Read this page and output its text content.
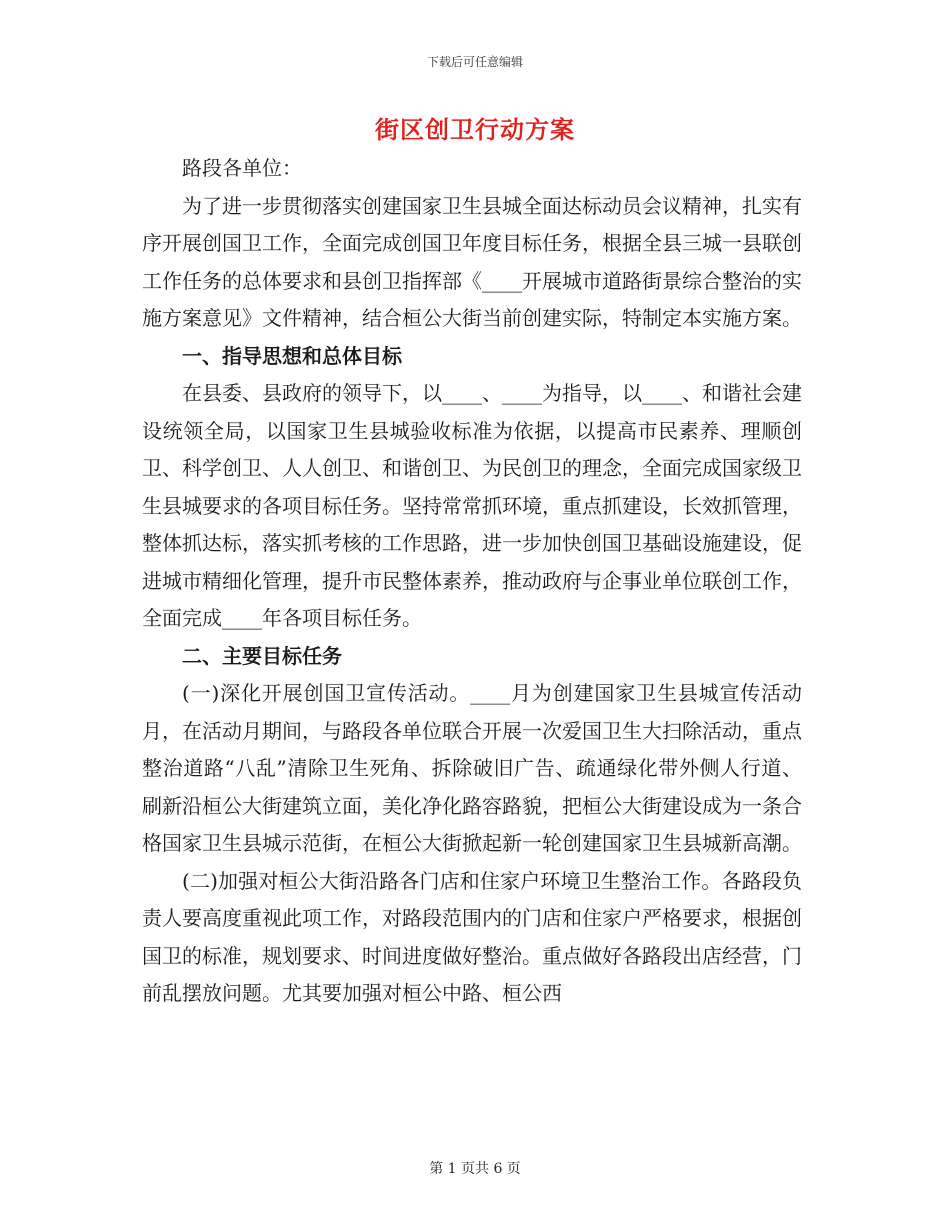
下载后可任意编辑
街区创卫行动方案

路段各单位：

为了进一步贯彻落实创建国家卫生县城全面达标动员会议精神，扎实有序开展创国卫工作，全面完成创国卫年度目标任务，根据全县三城一县联创工作任务的总体要求和县创卫指挥部《____开展城市道路街景综合整治的实施方案意见》文件精神，结合桓公大街当前创建实际，特制定本实施方案。

一、指导思想和总体目标

在县委、县政府的领导下，以____、____为指导，以____、和谐社会建设统领全局，以国家卫生县城验收标准为依据，以提高市民素养、理顺创卫、科学创卫、人人创卫、和谐创卫、为民创卫的理念，全面完成国家级卫生县城要求的各项目标任务。坚持常常抓环境，重点抓建设，长效抓管理，整体抓达标，落实抓考核的工作思路，进一步加快创国卫基础设施建设，促进城市精细化管理，提升市民整体素养，推动政府与企事业单位联创工作，全面完成____年各项目标任务。

二、主要目标任务

(一)深化开展创国卫宣传活动。____月为创建国家卫生县城宣传活动月，在活动月期间，与路段各单位联合开展一次爱国卫生大扫除活动，重点整治道路“八乱”清除卫生死角、拆除破旧广告、疏通绿化带外侧人行道、刷新沿桓公大街建筑立面，美化净化路容路貌，把桓公大街建设成为一条合格国家卫生县城示范街，在桓公大街掀起新一轮创建国家卫生县城新高潮。

(二)加强对桓公大街沿路各门店和住家户环境卫生整治工作。各路段负责人要高度重视此项工作，对路段范围内的门店和住家户严格要求，根据创国卫的标准，规划要求、时间进度做好整治。重点做好各路段出店经营，门前乱摆放问题。尤其要加强对桓公中路、桓公西

第 1 页共 6 页
